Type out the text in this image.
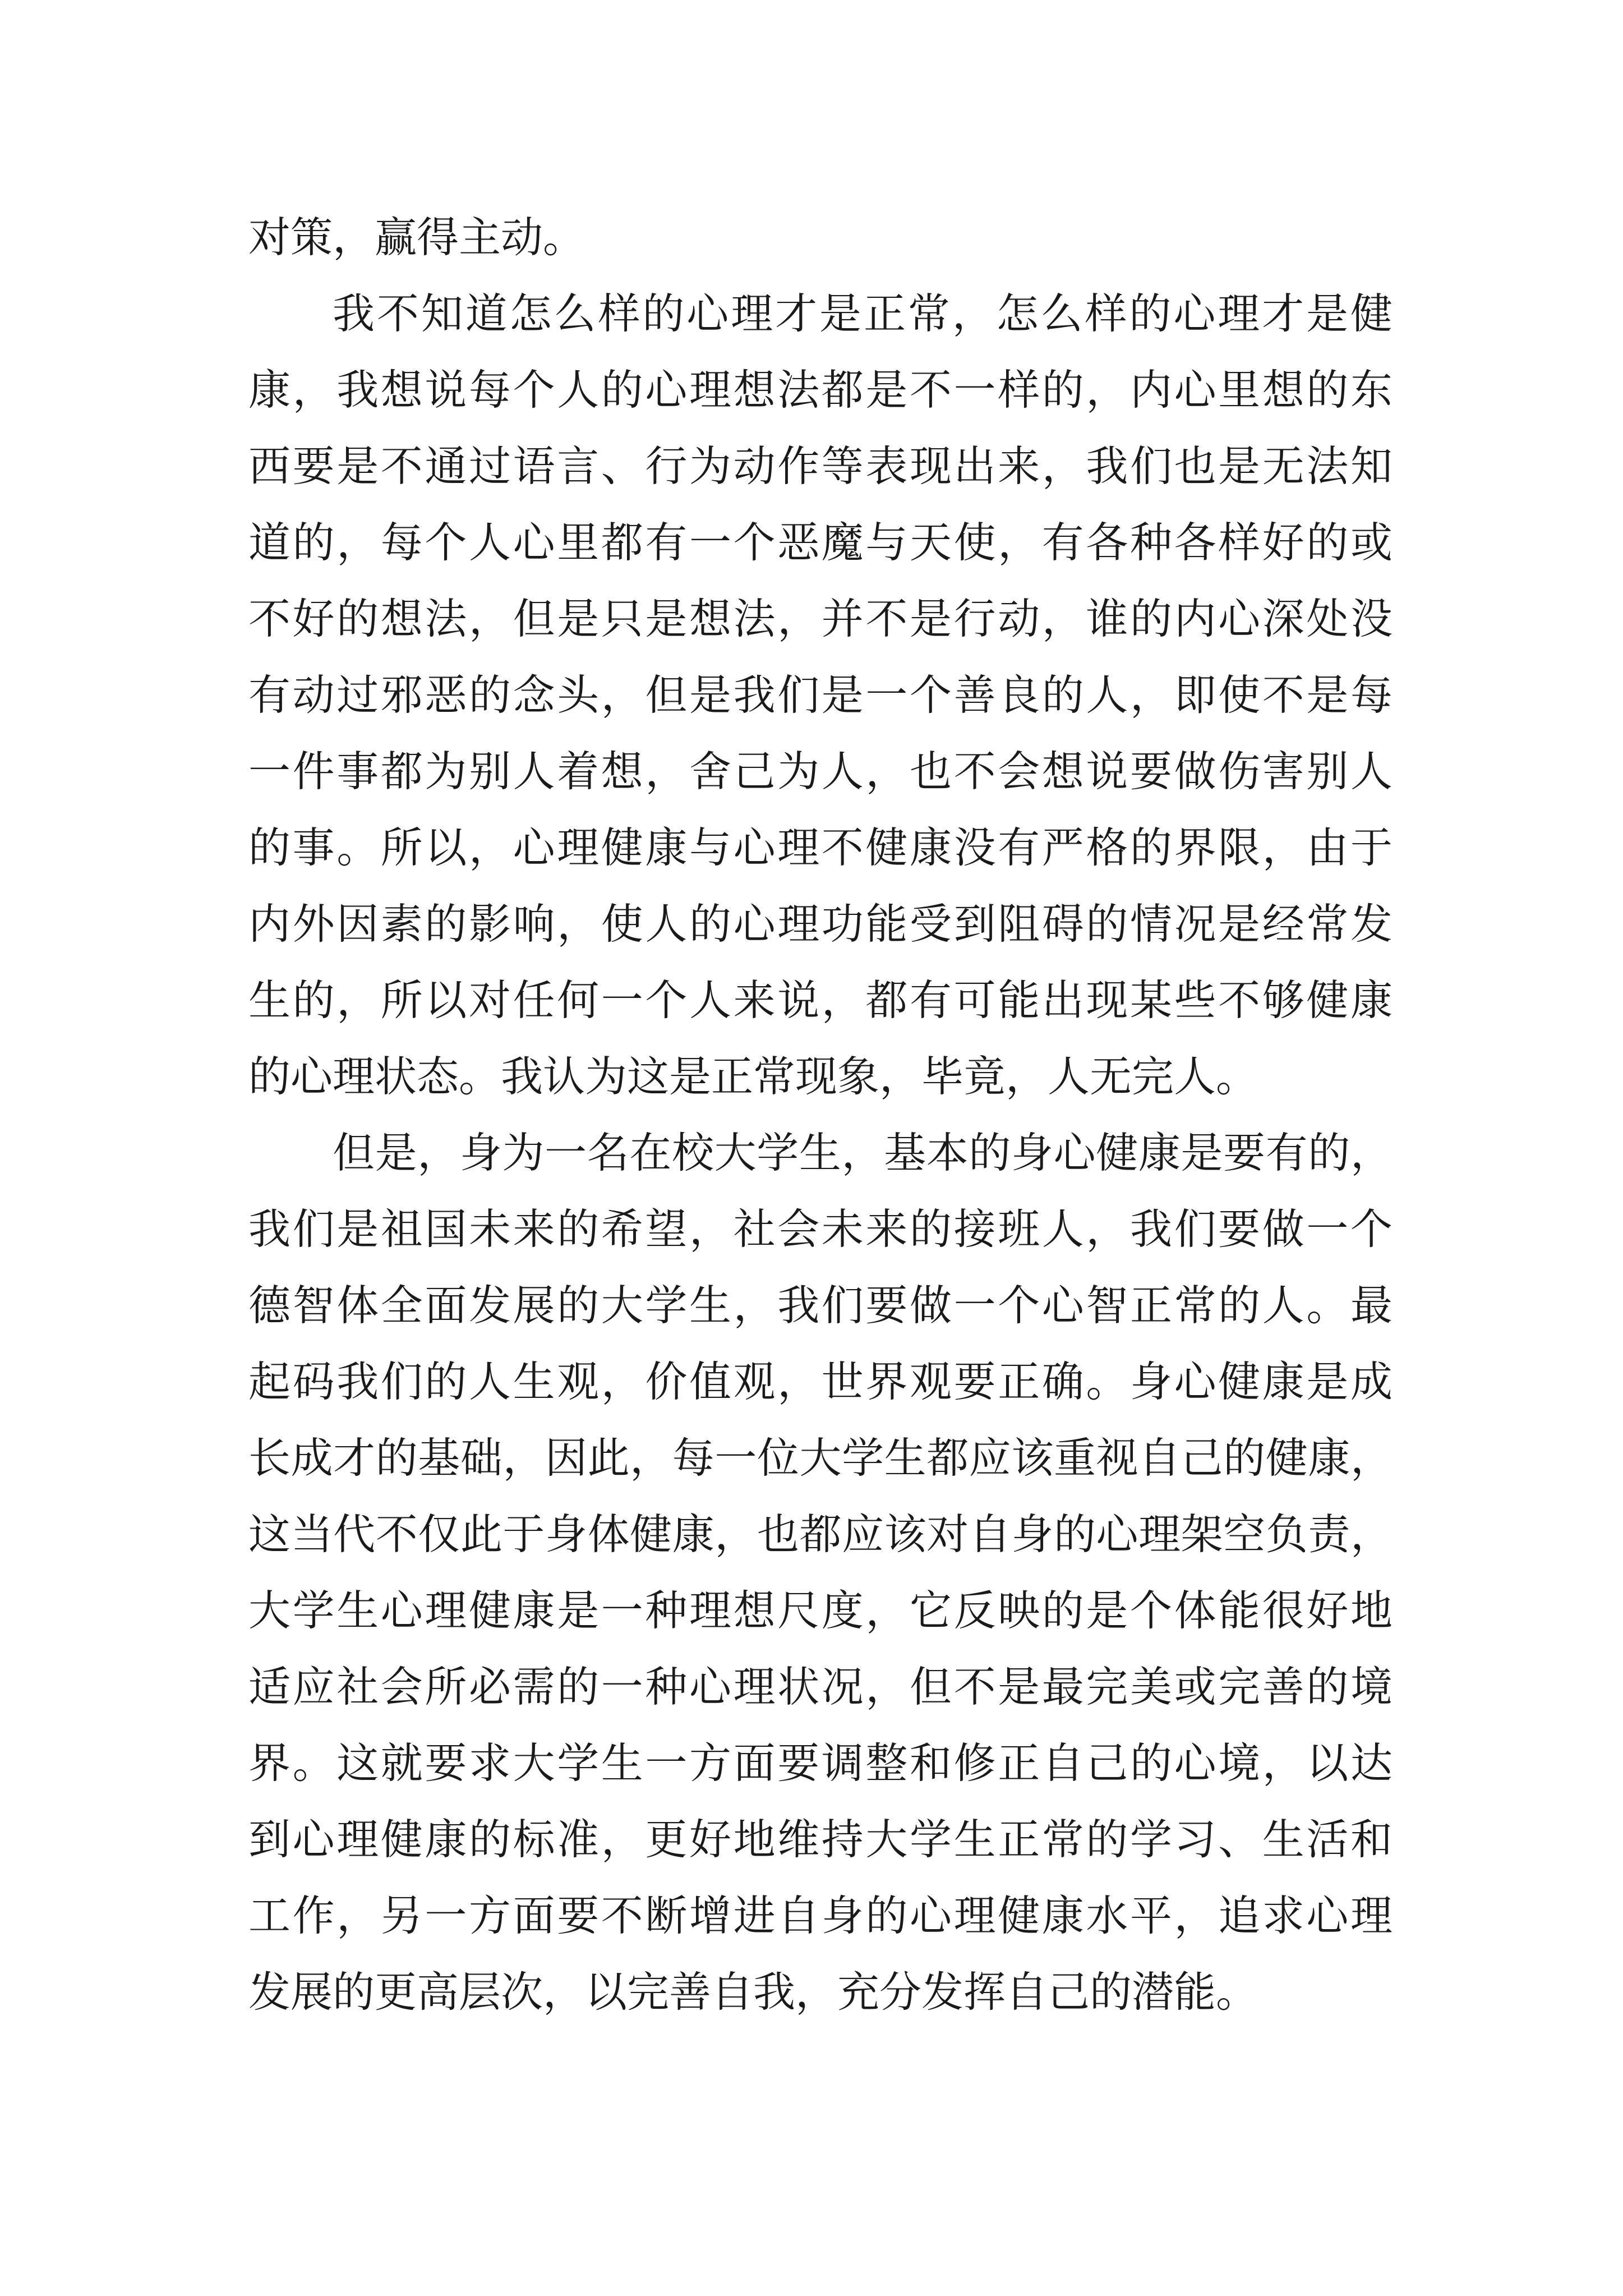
对策，赢得主动。
我不知道怎么样的心理才是正常，怎么样的心理才是健
康，我想说每个人的心理想法都是不一样的，内心里想的东
西要是不通过语言、行为动作等表现出来，我们也是无法知
道的，每个人心里都有一个恶魔与天使，有各种各样好的或
不好的想法，但是只是想法，并不是行动，谁的内心深处没
有动过邪恶的念头，但是我们是一个善良的人，即使不是每
一件事都为别人着想，舍己为人，也不会想说要做伤害别人
的事。所以，心理健康与心理不健康没有严格的界限，由于
内外因素的影响，使人的心理功能受到阻碍的情况是经常发
生的，所以对任何一个人来说，都有可能出现某些不够健康
的心理状态。我认为这是正常现象，毕竟，人无完人。
但是，身为一名在校大学生，基本的身心健康是要有的，
我们是祖国未来的希望，社会未来的接班人，我们要做一个
德智体全面发展的大学生，我们要做一个心智正常的人。最
起码我们的人生观，价值观，世界观要正确。身心健康是成
长成才的基础，因此，每一位大学生都应该重视自己的健康，
这当代不仅此于身体健康，也都应该对自身的心理架空负责，
大学生心理健康是一种理想尺度，它反映的是个体能很好地
适应社会所必需的一种心理状况，但不是最完美或完善的境
界。这就要求大学生一方面要调整和修正自己的心境，以达
到心理健康的标准，更好地维持大学生正常的学习、生活和
工作，另一方面要不断增进自身的心理健康水平，追求心理
发展的更高层次，以完善自我，充分发挥自己的潜能。
